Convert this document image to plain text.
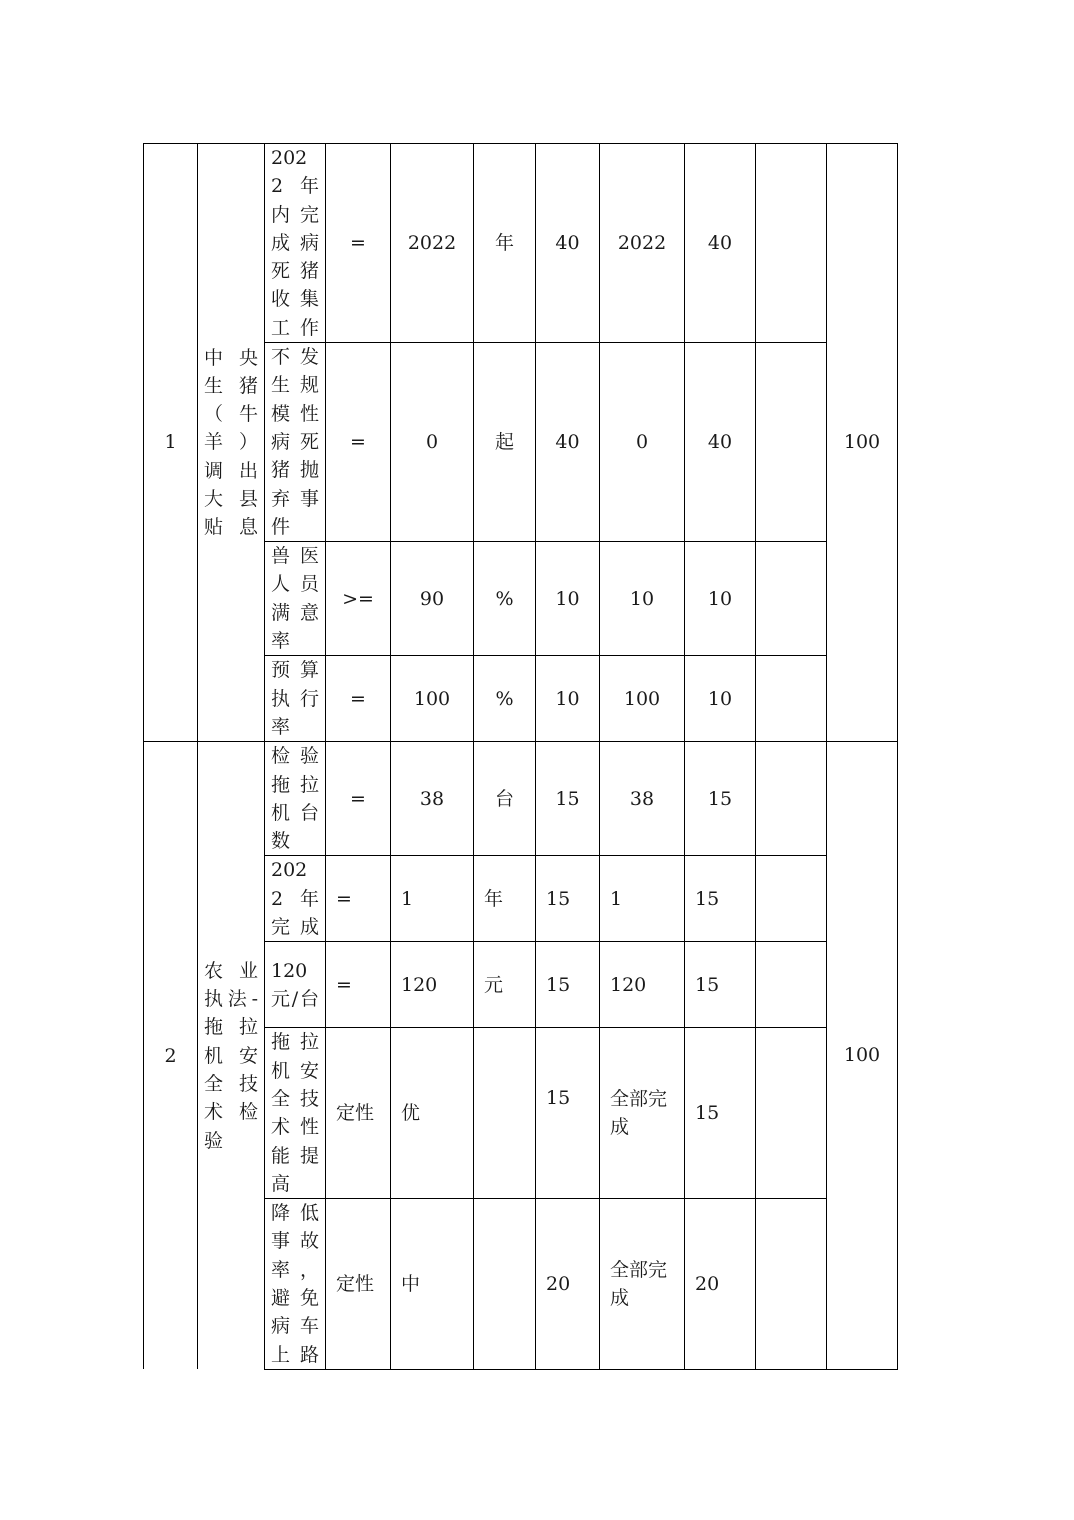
1	中央生猪（牛羊）调出大县贴息	2022年内完成病死猪收集工作	=	2022	年	40	2022	40		100
		不发生规模性病死猪抛弃事件	=	0	起	40	0	40		
		兽医人员满意率	>=	90	%	10	10	10		
		预算执行率	=	100	%	10	100	10		
2	农业执法-拖拉机安全技术检验	检验拖拉机台数	=	38	台	15	38	15		100
		2022年完成	=	1	年	15	1	15		
		120元/台	=	120	元	15	120	15		
		拖拉机安全技术性能提高	定性	优		15	全部完成	15		
		降低事故率，避免病车上路	定性	中		20	全部完成	20		
